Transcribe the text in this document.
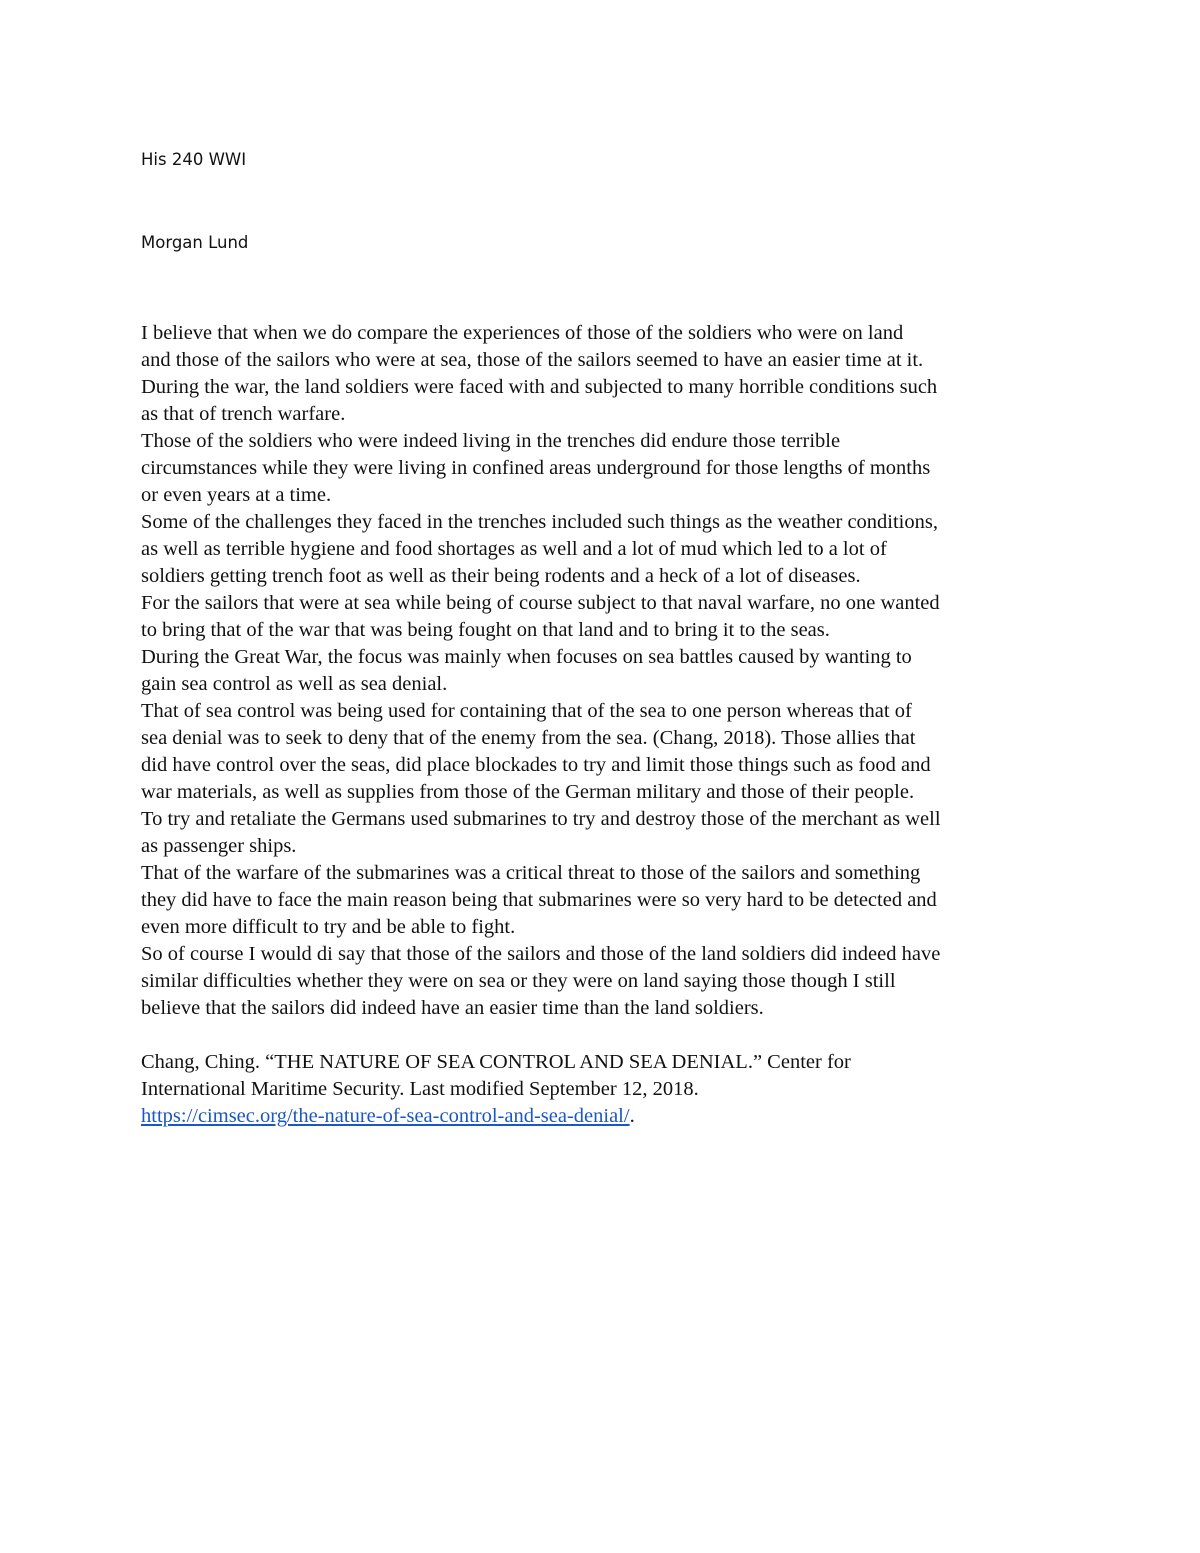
His 240 WWI
Morgan Lund
I believe that when we do compare the experiences of those of the soldiers who were on land
and those of the sailors who were at sea, those of the sailors seemed to have an easier time at it.
During the war, the land soldiers were faced with and subjected to many horrible conditions such
as that of trench warfare.
Those of the soldiers who were indeed living in the trenches did endure those terrible
circumstances while they were living in confined areas underground for those lengths of months
or even years at a time.
Some of the challenges they faced in the trenches included such things as the weather conditions,
as well as terrible hygiene and food shortages as well and a lot of mud which led to a lot of
soldiers getting trench foot as well as their being rodents and a heck of a lot of diseases.
For the sailors that were at sea while being of course subject to that naval warfare, no one wanted
to bring that of the war that was being fought on that land and to bring it to the seas.
During the Great War, the focus was mainly when focuses on sea battles caused by wanting to
gain sea control as well as sea denial.
That of sea control was being used for containing that of the sea to one person whereas that of
sea denial was to seek to deny that of the enemy from the sea. (Chang, 2018). Those allies that
did have control over the seas, did place blockades to try and limit those things such as food and
war materials, as well as supplies from those of the German military and those of their people.
To try and retaliate the Germans used submarines to try and destroy those of the merchant as well
as passenger ships.
That of the warfare of the submarines was a critical threat to those of the sailors and something
they did have to face the main reason being that submarines were so very hard to be detected and
even more difficult to try and be able to fight.
So of course I would di say that those of the sailors and those of the land soldiers did indeed have
similar difficulties whether they were on sea or they were on land saying those though I still
believe that the sailors did indeed have an easier time than the land soldiers.
Chang, Ching. “THE NATURE OF SEA CONTROL AND SEA DENIAL.” Center for
International Maritime Security. Last modified September 12, 2018.
https://cimsec.org/the-nature-of-sea-control-and-sea-denial/.
